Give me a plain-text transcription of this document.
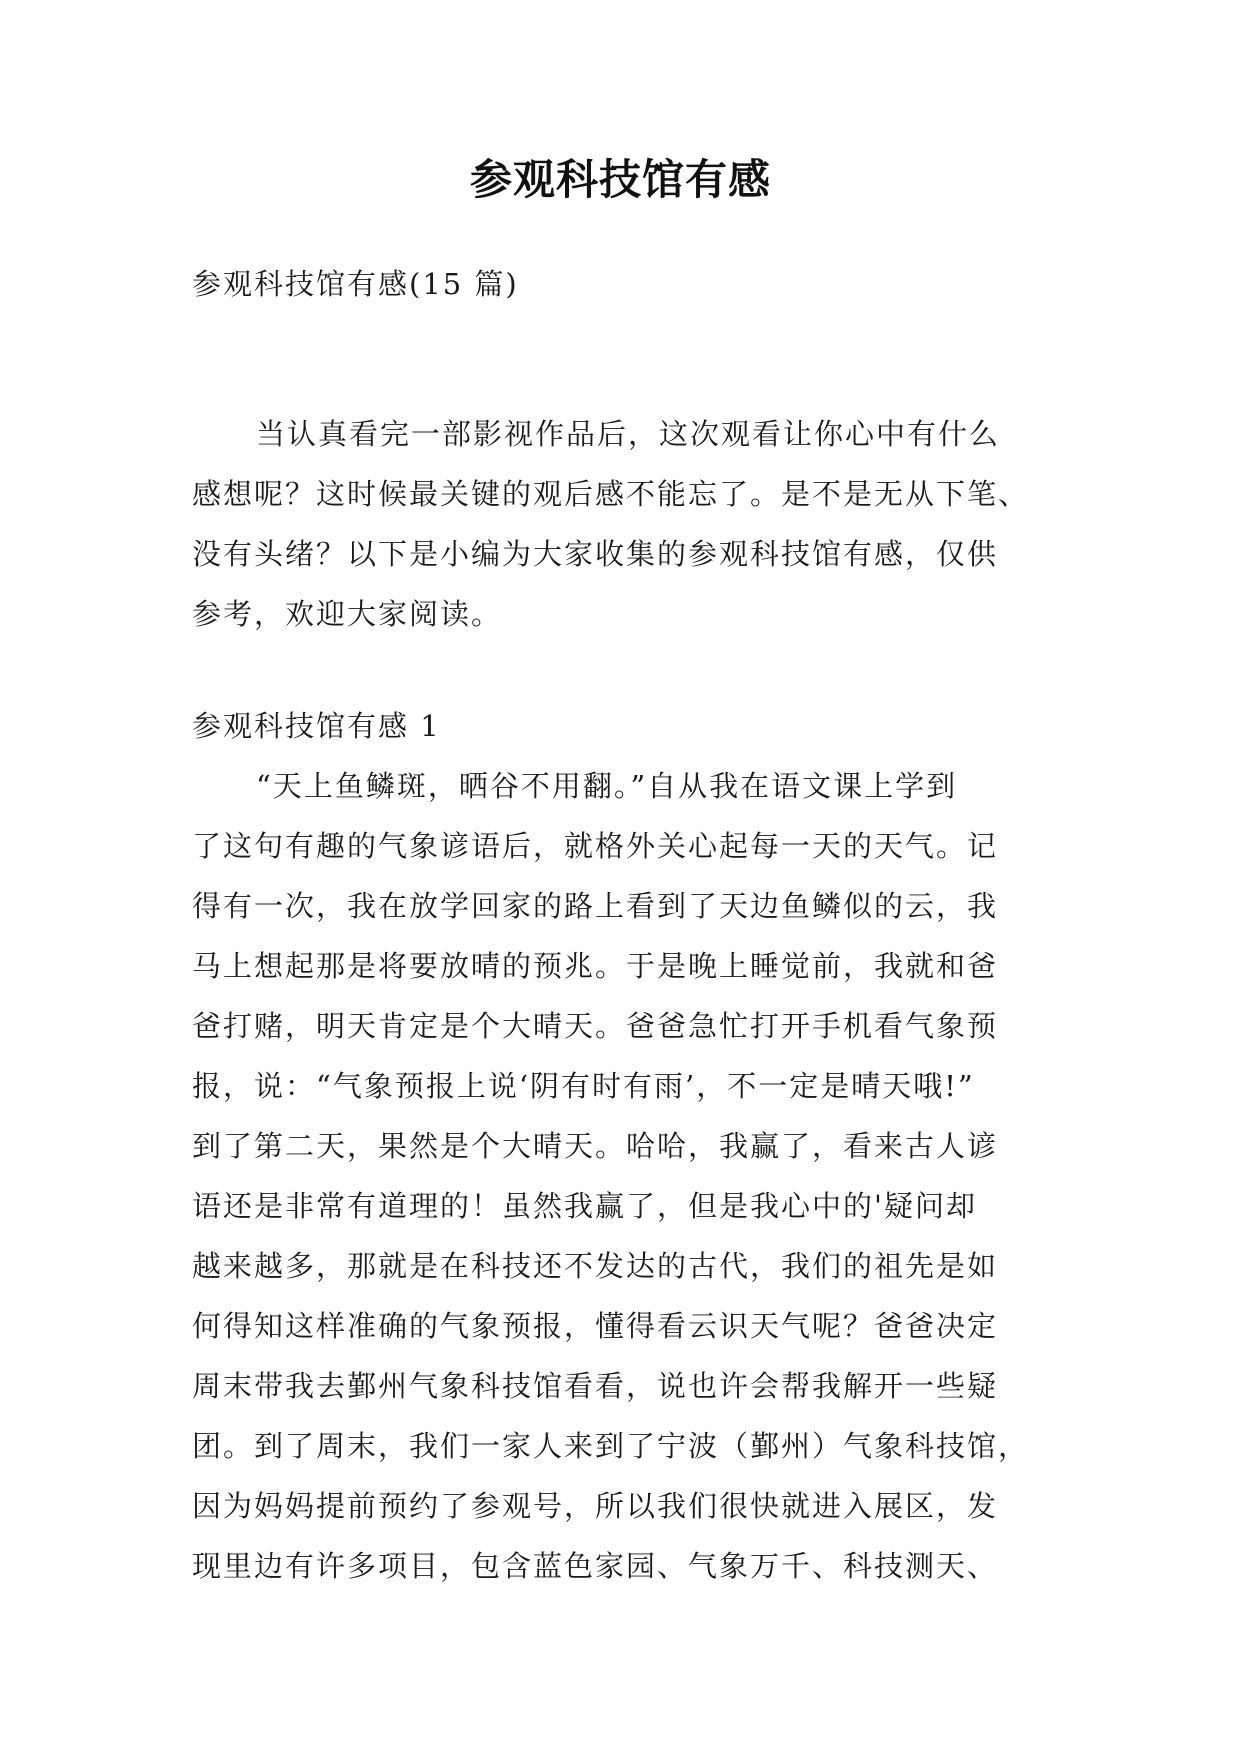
参观科技馆有感
参观科技馆有感(15 篇)
当认真看完一部影视作品后，这次观看让你心中有什么
感想呢？这时候最关键的观后感不能忘了。是不是无从下笔、
没有头绪？以下是小编为大家收集的参观科技馆有感，仅供
参考，欢迎大家阅读。
参观科技馆有感 1
“天上鱼鳞斑，晒谷不用翻。”自从我在语文课上学到
了这句有趣的气象谚语后，就格外关心起每一天的天气。记
得有一次，我在放学回家的路上看到了天边鱼鳞似的云，我
马上想起那是将要放晴的预兆。于是晚上睡觉前，我就和爸
爸打赌，明天肯定是个大晴天。爸爸急忙打开手机看气象预
报，说：“气象预报上说‘阴有时有雨’，不一定是晴天哦!”
到了第二天，果然是个大晴天。哈哈，我赢了，看来古人谚
语还是非常有道理的！虽然我赢了，但是我心中的'疑问却
越来越多，那就是在科技还不发达的古代，我们的祖先是如
何得知这样准确的气象预报，懂得看云识天气呢？爸爸决定
周末带我去鄞州气象科技馆看看，说也许会帮我解开一些疑
团。到了周末，我们一家人来到了宁波（鄞州）气象科技馆，
因为妈妈提前预约了参观号，所以我们很快就进入展区，发
现里边有许多项目，包含蓝色家园、气象万千、科技测天、
